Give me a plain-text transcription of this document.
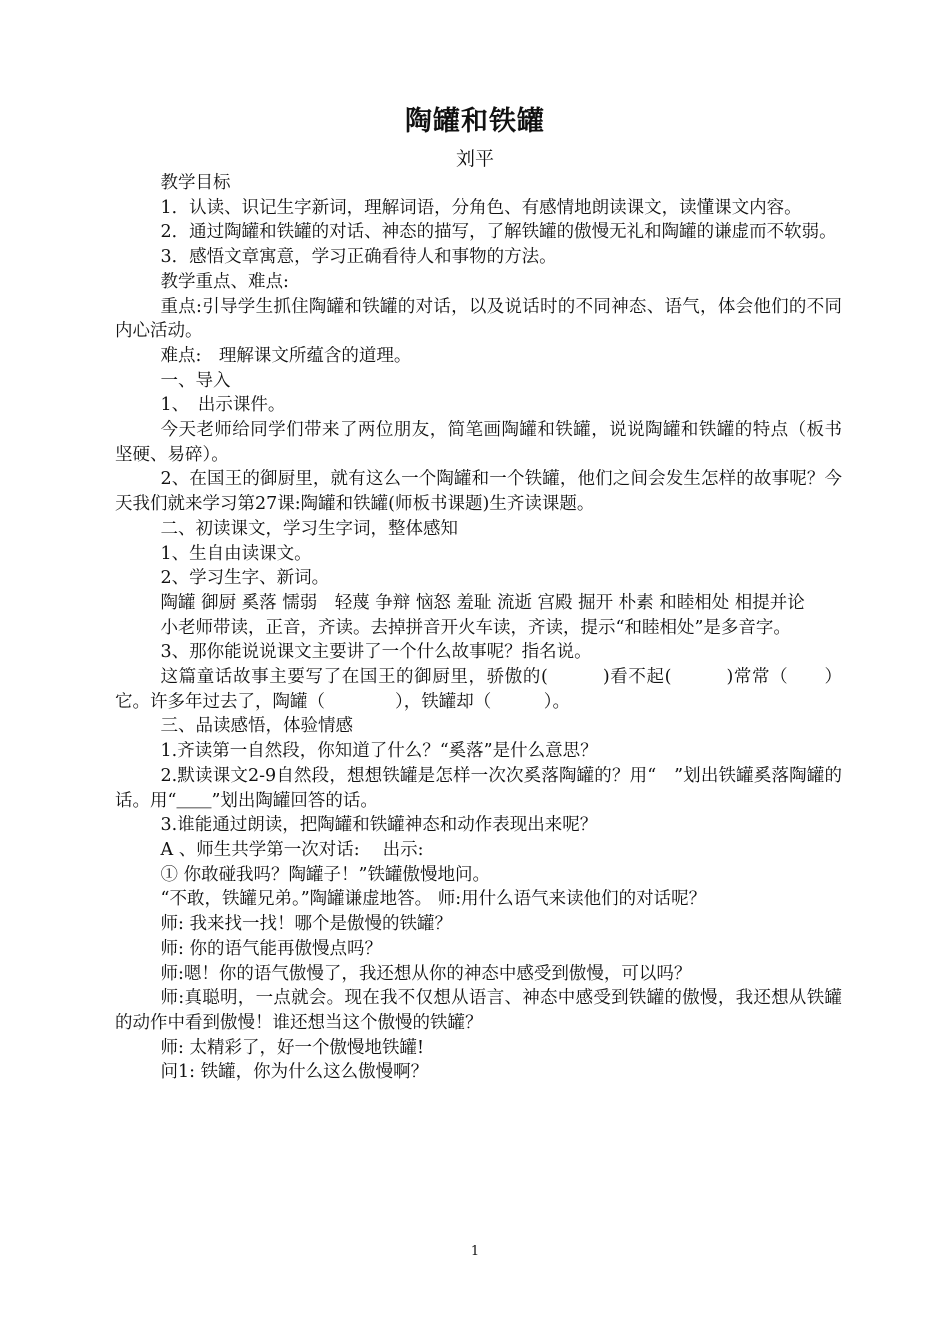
陶罐和铁罐
刘平

教学目标

1．认读、识记生字新词，理解词语，分角色、有感情地朗读课文，读懂课文内容。

2．通过陶罐和铁罐的对话、神态的描写，了解铁罐的傲慢无礼和陶罐的谦虚而不软弱。

3．感悟文章寓意，学习正确看待人和事物的方法。

教学重点、难点:

重点:引导学生抓住陶罐和铁罐的对话，以及说话时的不同神态、语气，体会他们的不同内心活动。

难点:　理解课文所蕴含的道理。

一、导入

1、　出示课件。

今天老师给同学们带来了两位朋友，简笔画陶罐和铁罐，说说陶罐和铁罐的特点（板书坚硬、易碎）。

2、在国王的御厨里，就有这么一个陶罐和一个铁罐，他们之间会发生怎样的故事呢？今天我们就来学习第27课:陶罐和铁罐(师板书课题)生齐读课题。

二、初读课文，学习生字词，整体感知

1、生自由读课文。

2、学习生字、新词。

陶罐 御厨 奚落 懦弱　轻蔑 争辩 恼怒 羞耻 流逝 宫殿 掘开 朴素 和睦相处 相提并论

小老师带读，正音，齐读。去掉拼音开火车读，齐读，提示“和睦相处”是多音字。

3、那你能说说课文主要讲了一个什么故事呢？指名说。

这篇童话故事主要写了在国王的御厨里，骄傲的(　　　)看不起(　　　)常常（　　）它。许多年过去了，陶罐（　　　　），铁罐却（　　　）。

三、品读感悟，体验情感

1.齐读第一自然段，你知道了什么？“奚落”是什么意思？

2.默读课文2-9自然段，想想铁罐是怎样一次次奚落陶罐的？用“　”划出铁罐奚落陶罐的话。用“＿＿”划出陶罐回答的话。

3.谁能通过朗读，把陶罐和铁罐神态和动作表现出来呢？

A 、师生共学第一次对话:　 出示:

① 你敢碰我吗？陶罐子！”铁罐傲慢地问。

“不敢，铁罐兄弟。”陶罐谦虚地答。 师:用什么语气来读他们的对话呢？

师: 我来找一找！哪个是傲慢的铁罐？

师: 你的语气能再傲慢点吗？

师:嗯！你的语气傲慢了，我还想从你的神态中感受到傲慢，可以吗？

师:真聪明，一点就会。现在我不仅想从语言、神态中感受到铁罐的傲慢，我还想从铁罐的动作中看到傲慢！谁还想当这个傲慢的铁罐？

师: 太精彩了，好一个傲慢地铁罐!

问1: 铁罐，你为什么这么傲慢啊？

1
